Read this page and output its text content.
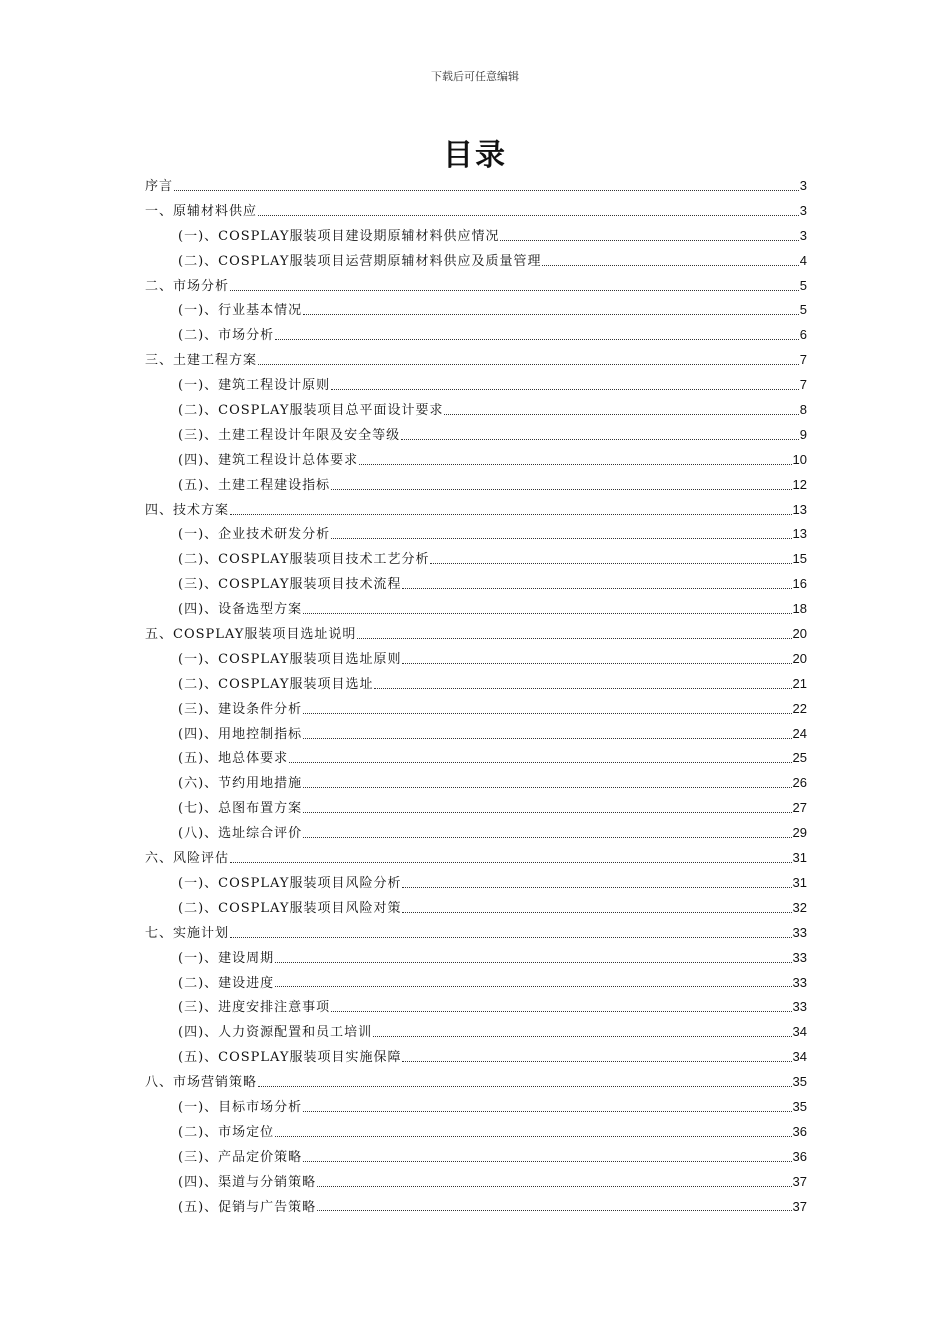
下载后可任意编辑
目录
序言	3
一、原辅材料供应	3
(一)、COSPLAY服装项目建设期原辅材料供应情况	3
(二)、COSPLAY服装项目运营期原辅材料供应及质量管理	4
二、市场分析	5
(一)、行业基本情况	5
(二)、市场分析	6
三、土建工程方案	7
(一)、建筑工程设计原则	7
(二)、COSPLAY服装项目总平面设计要求	8
(三)、土建工程设计年限及安全等级	9
(四)、建筑工程设计总体要求	10
(五)、土建工程建设指标	12
四、技术方案	13
(一)、企业技术研发分析	13
(二)、COSPLAY服装项目技术工艺分析	15
(三)、COSPLAY服装项目技术流程	16
(四)、设备选型方案	18
五、COSPLAY服装项目选址说明	20
(一)、COSPLAY服装项目选址原则	20
(二)、COSPLAY服装项目选址	21
(三)、建设条件分析	22
(四)、用地控制指标	24
(五)、地总体要求	25
(六)、节约用地措施	26
(七)、总图布置方案	27
(八)、选址综合评价	29
六、风险评估	31
(一)、COSPLAY服装项目风险分析	31
(二)、COSPLAY服装项目风险对策	32
七、实施计划	33
(一)、建设周期	33
(二)、建设进度	33
(三)、进度安排注意事项	33
(四)、人力资源配置和员工培训	34
(五)、COSPLAY服装项目实施保障	34
八、市场营销策略	35
(一)、目标市场分析	35
(二)、市场定位	36
(三)、产品定价策略	36
(四)、渠道与分销策略	37
(五)、促销与广告策略	37
